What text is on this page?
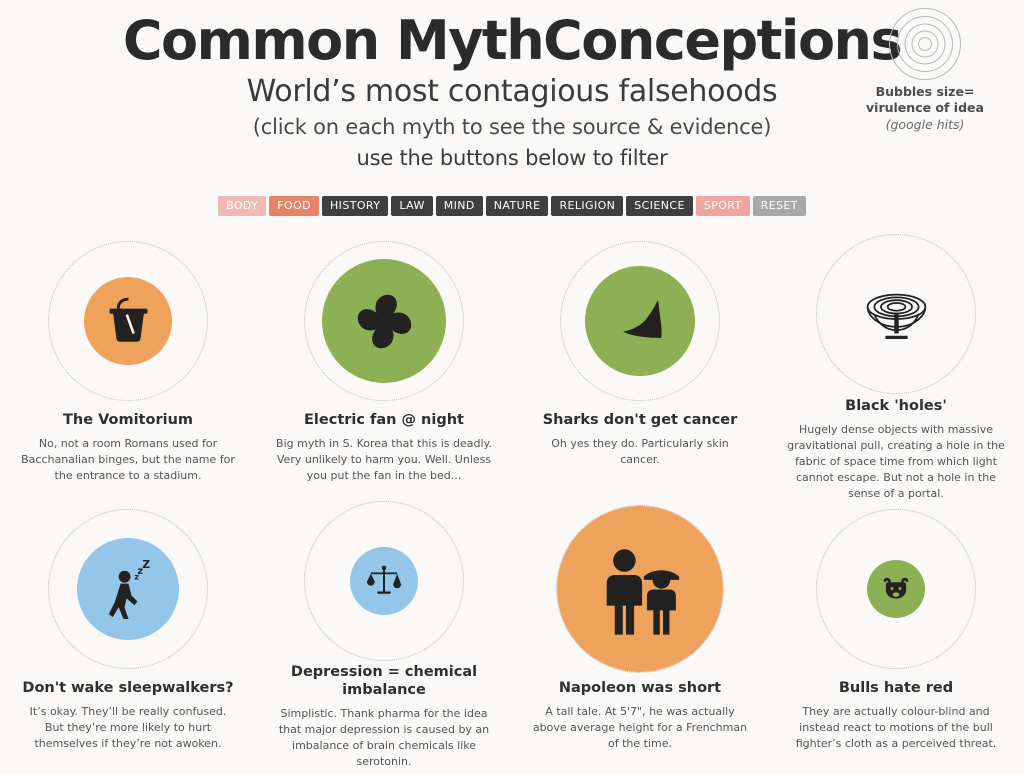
Common MythConceptions

World’s most contagious falsehoods

(click on each myth to see the source & evidence)

use the buttons below to filter

Bubbles size=
virulence of idea
(google hits)
BODY	FOOD	HISTORY	LAW	MIND	NATURE	RELIGION	SCIENCE	SPORT	RESET
The Vomitorium
No, not a room Romans used for Bacchanalian binges, but the name for the entrance to a stadium.
Electric fan @ night
Big myth in S. Korea that this is deadly. Very unlikely to harm you. Well. Unless you put the fan in the bed...
Sharks don't get cancer
Oh yes they do. Particularly skin cancer.
Black 'holes'
Hugely dense objects with massive gravitational pull, creating a hole in the fabric of space time from which light cannot escape. But not a hole in the sense of a portal.
z
Z
z
Don't wake sleepwalkers?
It’s okay. They’ll be really confused. But they’re more likely to hurt themselves if they’re not awoken.
Depression = chemical imbalance
Simplistic. Thank pharma for the idea that major depression is caused by an imbalance of brain chemicals like serotonin.
Napoleon was short
A tall tale. At 5'7", he was actually above average height for a Frenchman of the time.
Bulls hate red
They are actually colour-blind and instead react to motions of the bull fighter’s cloth as a perceived threat.
